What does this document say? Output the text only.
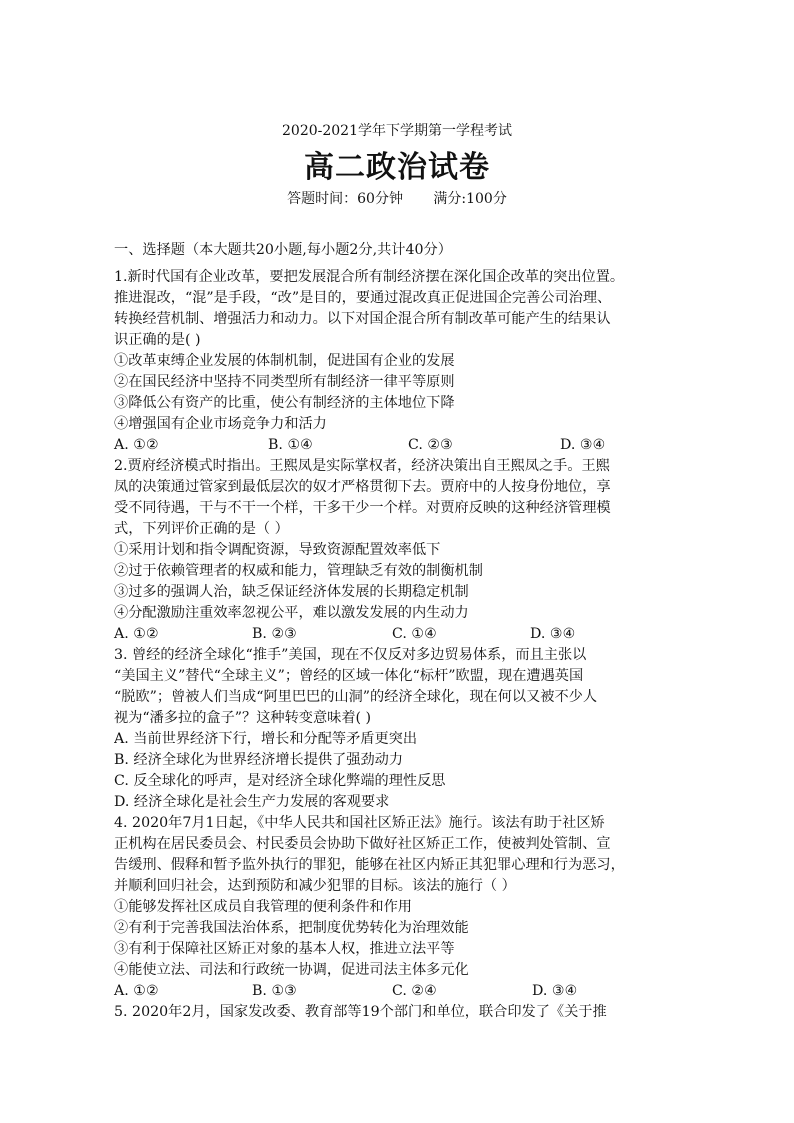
2020-2021学年下学期第一学程考试
高二政治试卷
答题时间：60分钟 满分:100分
一、选择题（本大题共20小题,每小题2分,共计40分）
1.新时代国有企业改革，要把发展混合所有制经济摆在深化国企改革的突出位置。
推进混改，“混”是手段，“改”是目的，要通过混改真正促进国企完善公司治理、
转换经营机制、增强活力和动力。以下对国企混合所有制改革可能产生的结果认
识正确的是( )
①改革束缚企业发展的体制机制，促进国有企业的发展
②在国民经济中坚持不同类型所有制经济一律平等原则
③降低公有资产的比重，使公有制经济的主体地位下降
④增强国有企业市场竞争力和活力
A. ①②	B. ①④	C. ②③	D. ③④
2.贾府经济模式时指出。王熙凤是实际掌权者，经济决策出自王熙凤之手。王熙
凤的决策通过管家到最低层次的奴才严格贯彻下去。贾府中的人按身份地位，享
受不同待遇，干与不干一个样，干多干少一个样。对贾府反映的这种经济管理模
式，下列评价正确的是（ ）
①采用计划和指令调配资源，导致资源配置效率低下
②过于依赖管理者的权威和能力，管理缺乏有效的制衡机制
③过多的强调人治，缺乏保证经济体发展的长期稳定机制
④分配激励注重效率忽视公平，难以激发发展的内生动力
A. ①②	B. ②③	C. ①④	D. ③④
3. 曾经的经济全球化“推手”美国，现在不仅反对多边贸易体系，而且主张以
“美国主义”替代“全球主义”；曾经的区域一体化“标杆”欧盟，现在遭遇英国
“脱欧”；曾被人们当成“阿里巴巴的山洞”的经济全球化，现在何以又被不少人
视为“潘多拉的盒子”？这种转变意味着( )
A. 当前世界经济下行，增长和分配等矛盾更突出
B. 经济全球化为世界经济增长提供了强劲动力
C. 反全球化的呼声，是对经济全球化弊端的理性反思
D. 经济全球化是社会生产力发展的客观要求
4. 2020年7月1日起，《中华人民共和国社区矫正法》施行。该法有助于社区矫
正机构在居民委员会、村民委员会协助下做好社区矫正工作，使被判处管制、宣
告缓刑、假释和暂予监外执行的罪犯，能够在社区内矫正其犯罪心理和行为恶习，
并顺利回归社会，达到预防和减少犯罪的目标。该法的施行（ ）
①能够发挥社区成员自我管理的便利条件和作用
②有利于完善我国法治体系，把制度优势转化为治理效能
③有利于保障社区矫正对象的基本人权，推进立法平等
④能使立法、司法和行政统一协调，促进司法主体多元化
A. ①②	B. ①③	C. ②④	D. ③④
5. 2020年2月，国家发改委、教育部等19个部门和单位，联合印发了《关于推
